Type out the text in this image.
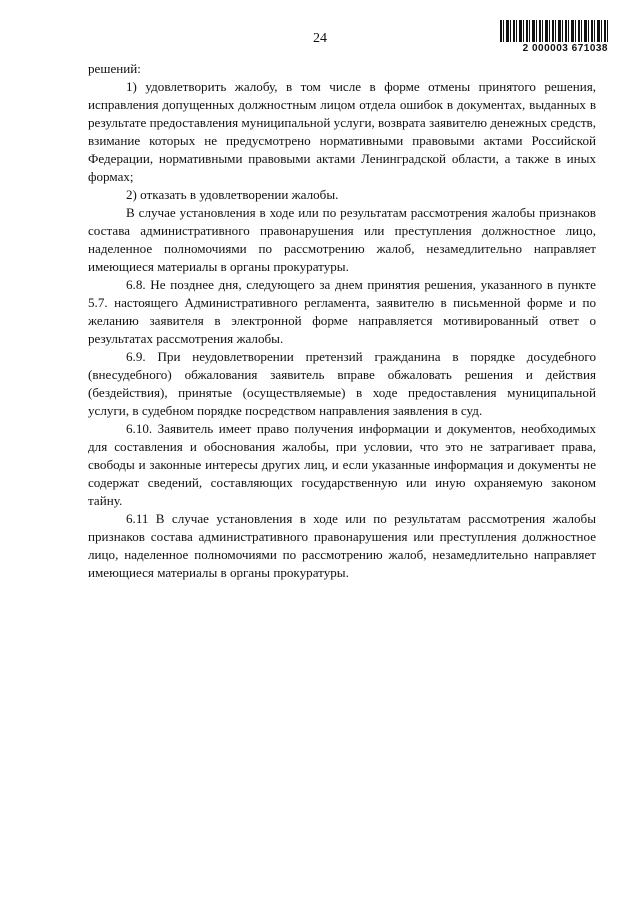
24
2 000003 671038

решений:

1) удовлетворить жалобу, в том числе в форме отмены принятого решения, исправления допущенных должностным лицом отдела ошибок в документах, выданных в результате предоставления муниципальной услуги, возврата заявителю денежных средств, взимание которых не предусмотрено нормативными правовыми актами Российской Федерации, нормативными правовыми актами Ленинградской области, а также в иных формах;

2) отказать в удовлетворении жалобы.

В случае установления в ходе или по результатам рассмотрения жалобы признаков состава административного правонарушения или преступления должностное лицо, наделенное полномочиями по рассмотрению жалоб, незамедлительно направляет имеющиеся материалы в органы прокуратуры.

6.8. Не позднее дня, следующего за днем принятия решения, указанного в пункте 5.7. настоящего Административного регламента, заявителю в письменной форме и по желанию заявителя в электронной форме направляется мотивированный ответ о результатах рассмотрения жалобы.

6.9. При неудовлетворении претензий гражданина в порядке досудебного (внесудебного) обжалования заявитель вправе обжаловать решения и действия (бездействия), принятые (осуществляемые) в ходе предоставления муниципальной услуги, в судебном порядке посредством направления заявления в суд.

6.10. Заявитель имеет право получения информации и документов, необходимых для составления и обоснования жалобы, при условии, что это не затрагивает права, свободы и законные интересы других лиц, и если указанные информация и документы не содержат сведений, составляющих государственную или иную охраняемую законом тайну.

6.11 В случае установления в ходе или по результатам рассмотрения жалобы признаков состава административного правонарушения или преступления должностное лицо, наделенное полномочиями по рассмотрению жалоб, незамедлительно направляет имеющиеся материалы в органы прокуратуры.
